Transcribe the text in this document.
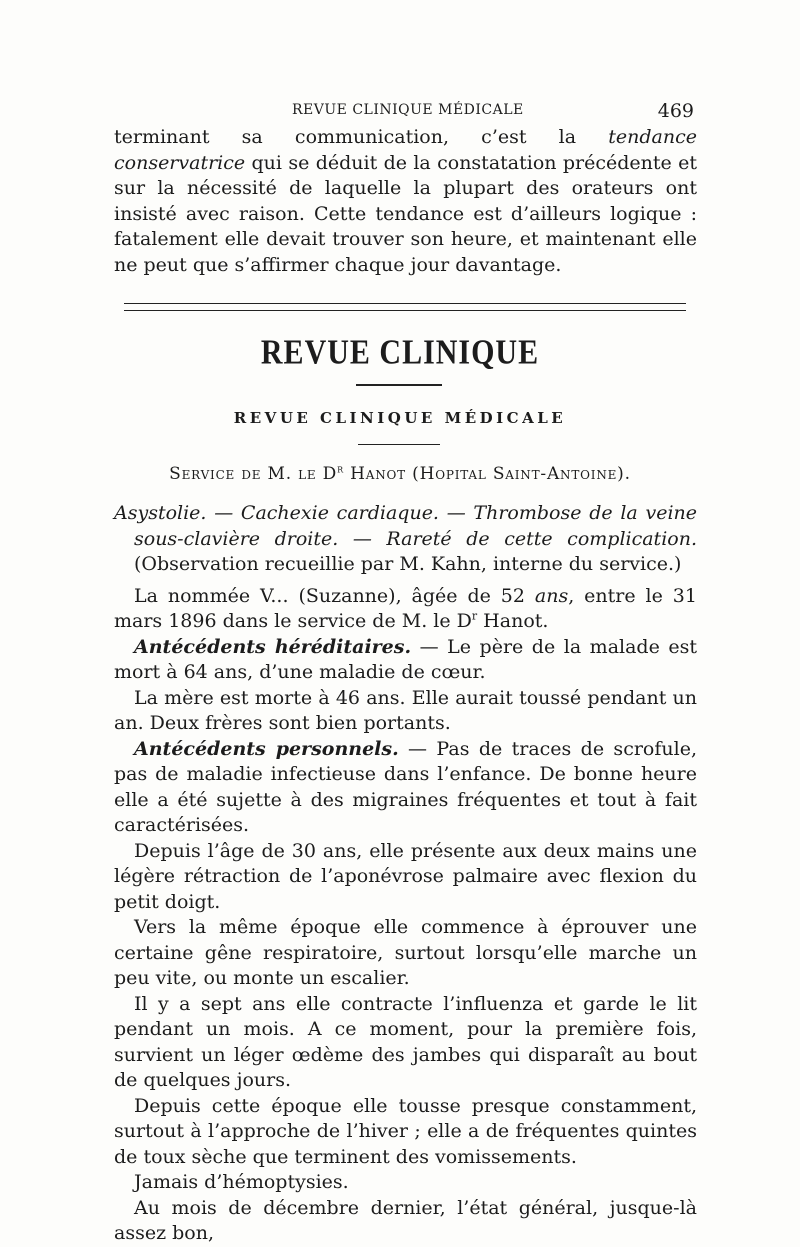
REVUE CLINIQUE MÉDICALE	469

terminant sa communication, c’est la tendance conservatrice qui se déduit de la constatation précédente et sur la nécessité de laquelle la plupart des orateurs ont insisté avec raison. Cette tendance est d’ailleurs logique : fatalement elle devait trouver son heure, et maintenant elle ne peut que s’affirmer chaque jour davantage.

REVUE CLINIQUE
REVUE CLINIQUE MÉDICALE
Service de M. le $D^r$ Hanot (Hopital Saint-Antoine).

Asystolie. — Cachexie cardiaque. — Thrombose de la veine sous-clavière droite. — Rareté de cette complication. (Observation recueillie par M. Kahn, interne du service.)

La nommée V... (Suzanne), âgée de 52 ans, entre le 31 mars 1896 dans le service de M. le $D^r$ Hanot.

Antécédents héréditaires. — Le père de la malade est mort à 64 ans, d’une maladie de cœur.

La mère est morte à 46 ans. Elle aurait toussé pendant un an. Deux frères sont bien portants.

Antécédents personnels. — Pas de traces de scrofule, pas de maladie infectieuse dans l’enfance. De bonne heure elle a été sujette à des migraines fréquentes et tout à fait caractérisées.

Depuis l’âge de 30 ans, elle présente aux deux mains une légère rétraction de l’aponévrose palmaire avec flexion du petit doigt.

Vers la même époque elle commence à éprouver une certaine gêne respiratoire, surtout lorsqu’elle marche un peu vite, ou monte un escalier.

Il y a sept ans elle contracte l’influenza et garde le lit pendant un mois. A ce moment, pour la première fois, survient un léger œdème des jambes qui disparaît au bout de quelques jours.

Depuis cette époque elle tousse presque constamment, surtout à l’approche de l’hiver ; elle a de fréquentes quintes de toux sèche que terminent des vomissements.

Jamais d’hémoptysies.

Au mois de décembre dernier, l’état général, jusque-là assez bon,
